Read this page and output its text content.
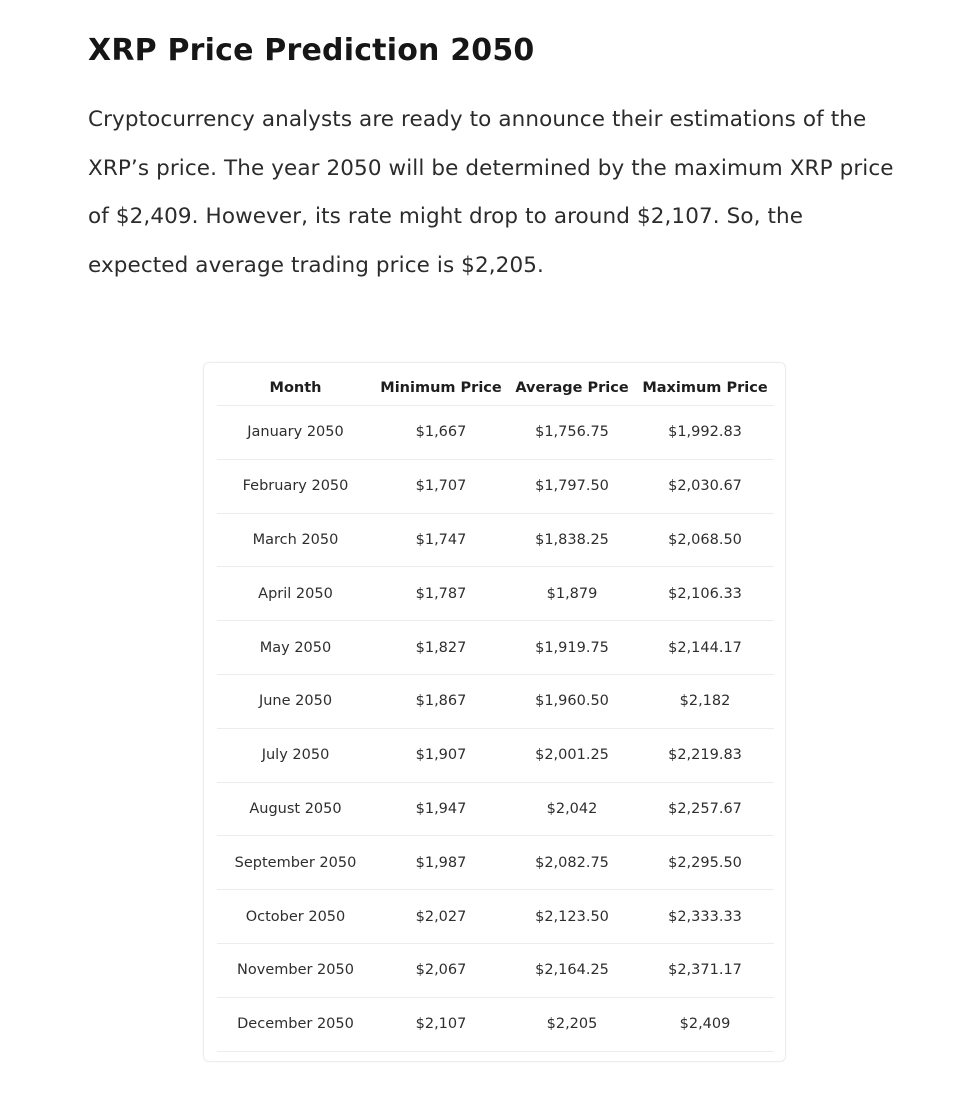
XRP Price Prediction 2050

Cryptocurrency analysts are ready to announce their estimations of the XRP’s price. The year 2050 will be determined by the maximum XRP price of $2,409. However, its rate might drop to around $2,107. So, the expected average trading price is $2,205.

Month	Minimum Price	Average Price	Maximum Price
January 2050	$1,667	$1,756.75	$1,992.83
February 2050	$1,707	$1,797.50	$2,030.67
March 2050	$1,747	$1,838.25	$2,068.50
April 2050	$1,787	$1,879	$2,106.33
May 2050	$1,827	$1,919.75	$2,144.17
June 2050	$1,867	$1,960.50	$2,182
July 2050	$1,907	$2,001.25	$2,219.83
August 2050	$1,947	$2,042	$2,257.67
September 2050	$1,987	$2,082.75	$2,295.50
October 2050	$2,027	$2,123.50	$2,333.33
November 2050	$2,067	$2,164.25	$2,371.17
December 2050	$2,107	$2,205	$2,409
